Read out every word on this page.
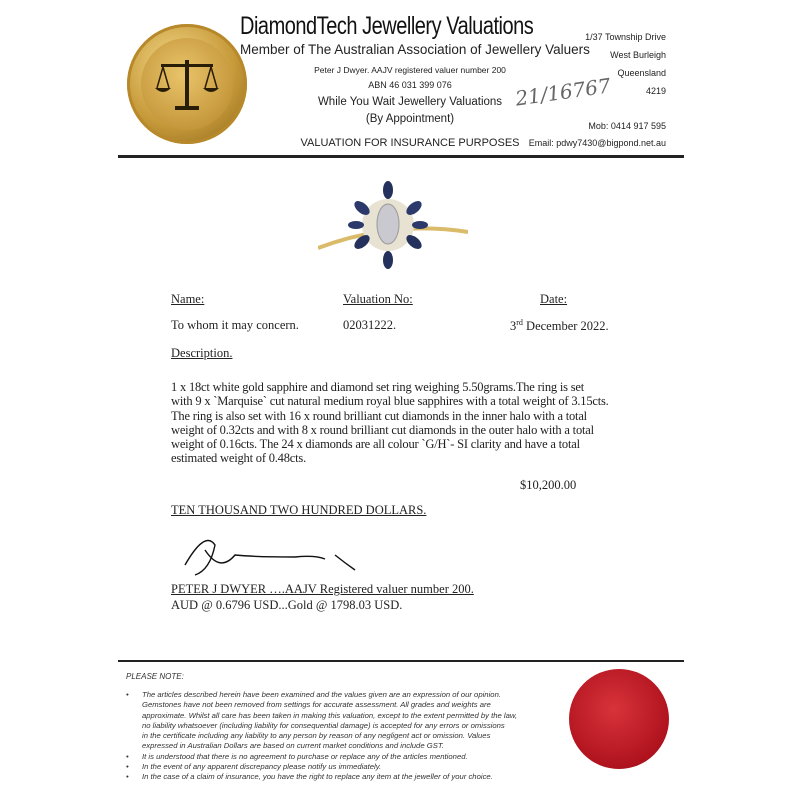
DiamondTech Jewellery Valuations
Member of The Australian Association of Jewellery Valuers
Peter J Dwyer. AAJV registered valuer number 200
ABN 46 031 399 076
While You Wait Jewellery Valuations
(By Appointment)
VALUATION FOR INSURANCE PURPOSES
21/16767
1/37 Township Drive
West Burleigh
Queensland
4219
Mob: 0414 917 595
Email: pdwy7430@bigpond.net.au
Name:
To whom it may concern.
Valuation No:
02031222.
Date:
3rd December 2022.
Description.
1 x 18ct white gold sapphire and diamond set ring weighing 5.50grams.The ring is set
with 9 x `Marquise` cut natural medium royal blue sapphires with a total weight of 3.15cts.
The ring is also set with 16 x round brilliant cut diamonds in the inner halo with a total
weight of 0.32cts and with 8 x round brilliant cut diamonds in the outer halo with a total
weight of 0.16cts. The 24 x diamonds are all colour `G/H`- SI clarity and have a total
estimated weight of 0.48cts.
$10,200.00
TEN THOUSAND TWO HUNDRED DOLLARS.
PETER J DWYER ….AAJV Registered valuer number 200.
AUD @ 0.6796 USD...Gold @ 1798.03 USD.
PLEASE NOTE:
• The articles described herein have been examined and the values given are an expression of our opinion.
Gemstones have not been removed from settings for accurate assessment. All grades and weights are
approximate. Whilst all care has been taken in making this valuation, except to the extent permitted by the law,
no liability whatsoever (including liability for consequential damage) is accepted for any errors or omissions
in the certificate including any liability to any person by reason of any negligent act or omission. Values
expressed in Australian Dollars are based on current market conditions and include GST.
• It is understood that there is no agreement to purchase or replace any of the articles mentioned.
• In the event of any apparent discrepancy please notify us immediately.
• In the case of a claim of insurance, you have the right to replace any item at the jeweller of your choice.
